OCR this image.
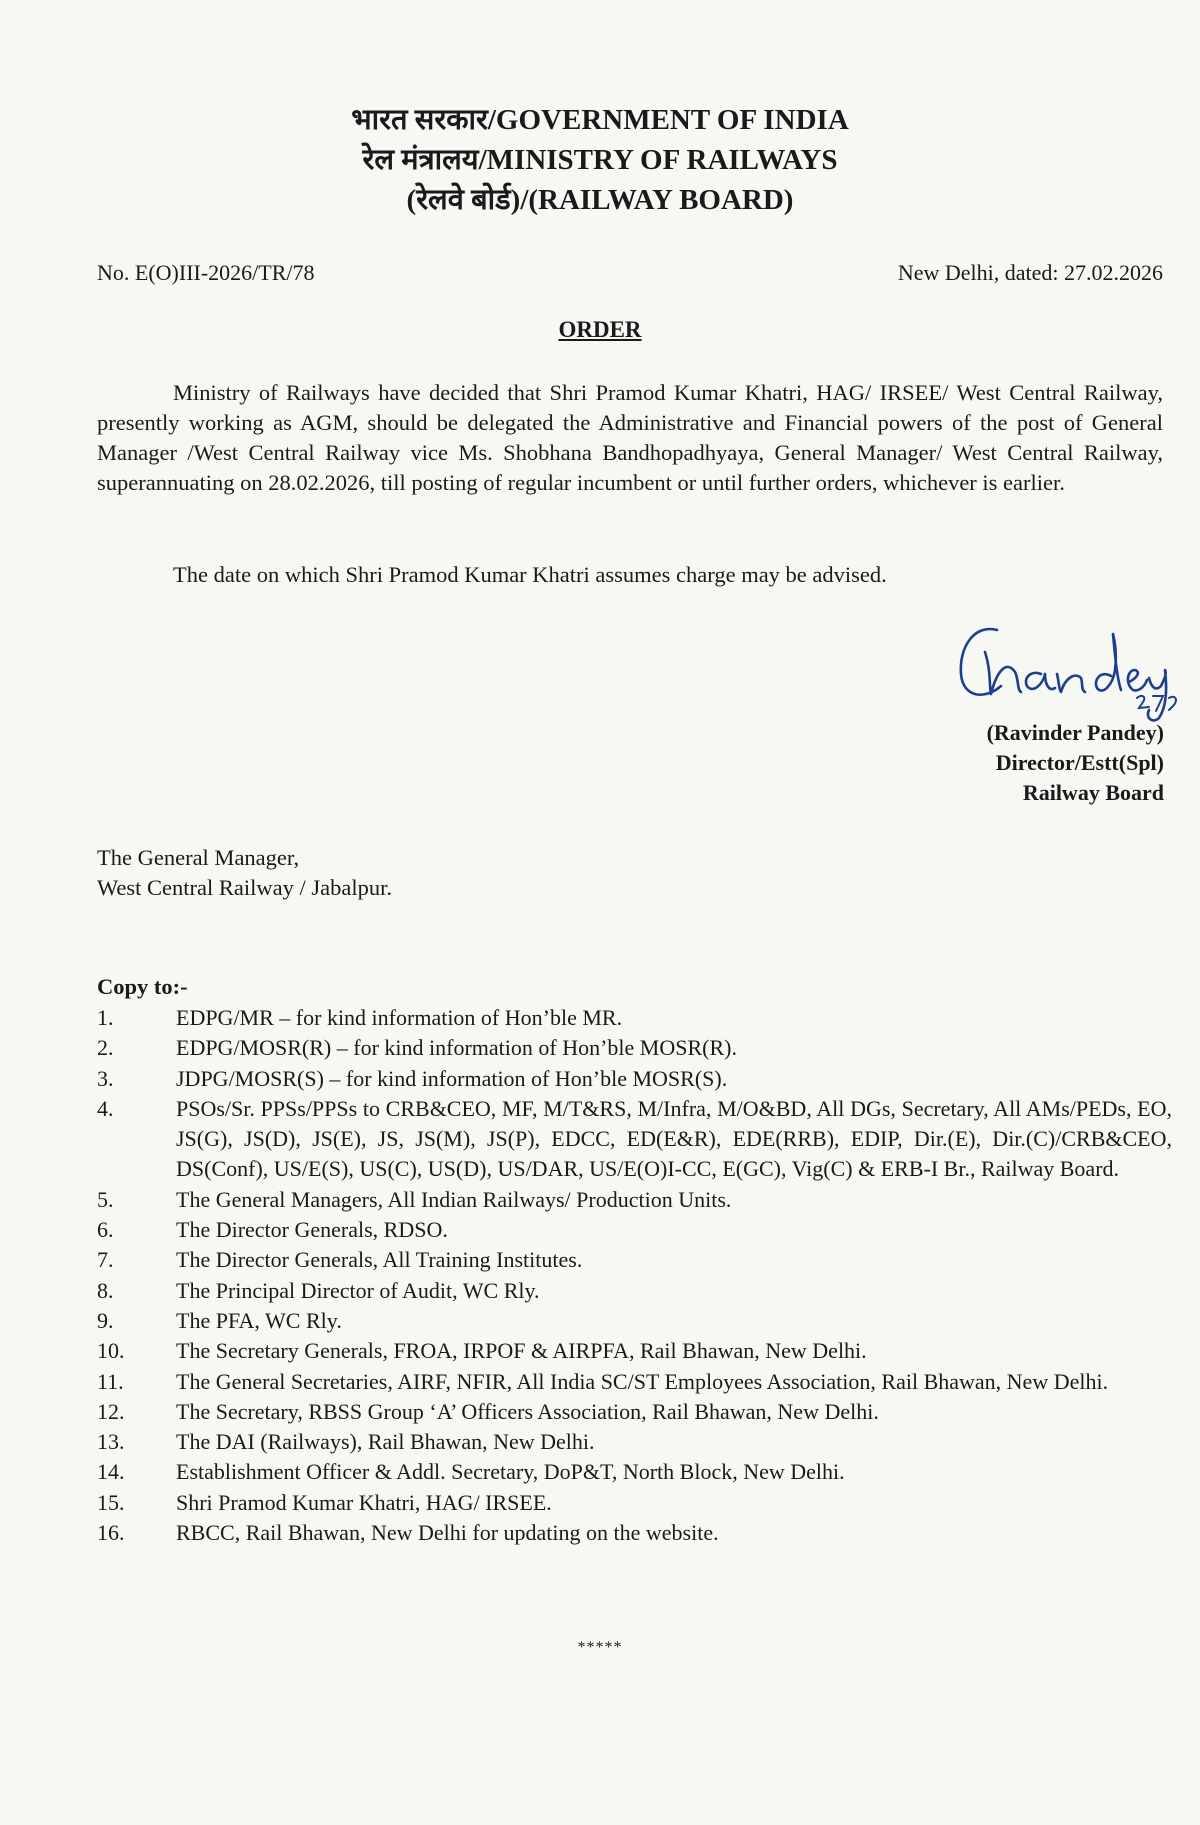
भारत सरकार/GOVERNMENT OF INDIA
रेल मंत्रालय/MINISTRY OF RAILWAYS
(रेलवे बोर्ड)/(RAILWAY BOARD)
No. E(O)III-2026/TR/78	New Delhi, dated: 27.02.2026
ORDER
Ministry of Railways have decided that Shri Pramod Kumar Khatri, HAG/ IRSEE/ West Central Railway, presently working as AGM, should be delegated the Administrative and Financial powers of the post of General Manager /West Central Railway vice Ms. Shobhana Bandhopadhyaya, General Manager/ West Central Railway, superannuating on 28.02.2026, till posting of regular incumbent or until further orders, whichever is earlier.
The date on which Shri Pramod Kumar Khatri assumes charge may be advised.
(Ravinder Pandey)
Director/Estt(Spl)
Railway Board
The General Manager,
West Central Railway / Jabalpur.
Copy to:-
1.	EDPG/MR – for kind information of Hon’ble MR.
2.	EDPG/MOSR(R) – for kind information of Hon’ble MOSR(R).
3.	JDPG/MOSR(S) – for kind information of Hon’ble MOSR(S).
4.	PSOs/Sr. PPSs/PPSs to CRB&CEO, MF, M/T&RS, M/Infra, M/O&BD, All DGs, Secretary, All AMs/PEDs, EO, JS(G), JS(D), JS(E), JS, JS(M), JS(P), EDCC, ED(E&R), EDE(RRB), EDIP, Dir.(E), Dir.(C)/CRB&CEO, DS(Conf), US/E(S), US(C), US(D), US/DAR, US/E(O)I-CC, E(GC), Vig(C) & ERB-I Br., Railway Board.
5.	The General Managers, All Indian Railways/ Production Units.
6.	The Director Generals, RDSO.
7.	The Director Generals, All Training Institutes.
8.	The Principal Director of Audit, WC Rly.
9.	The PFA, WC Rly.
10.	The Secretary Generals, FROA, IRPOF & AIRPFA, Rail Bhawan, New Delhi.
11.	The General Secretaries, AIRF, NFIR, All India SC/ST Employees Association, Rail Bhawan, New Delhi.
12.	The Secretary, RBSS Group ‘A’ Officers Association, Rail Bhawan, New Delhi.
13.	The DAI (Railways), Rail Bhawan, New Delhi.
14.	Establishment Officer & Addl. Secretary, DoP&T, North Block, New Delhi.
15.	Shri Pramod Kumar Khatri, HAG/ IRSEE.
16.	RBCC, Rail Bhawan, New Delhi for updating on the website.
*****
